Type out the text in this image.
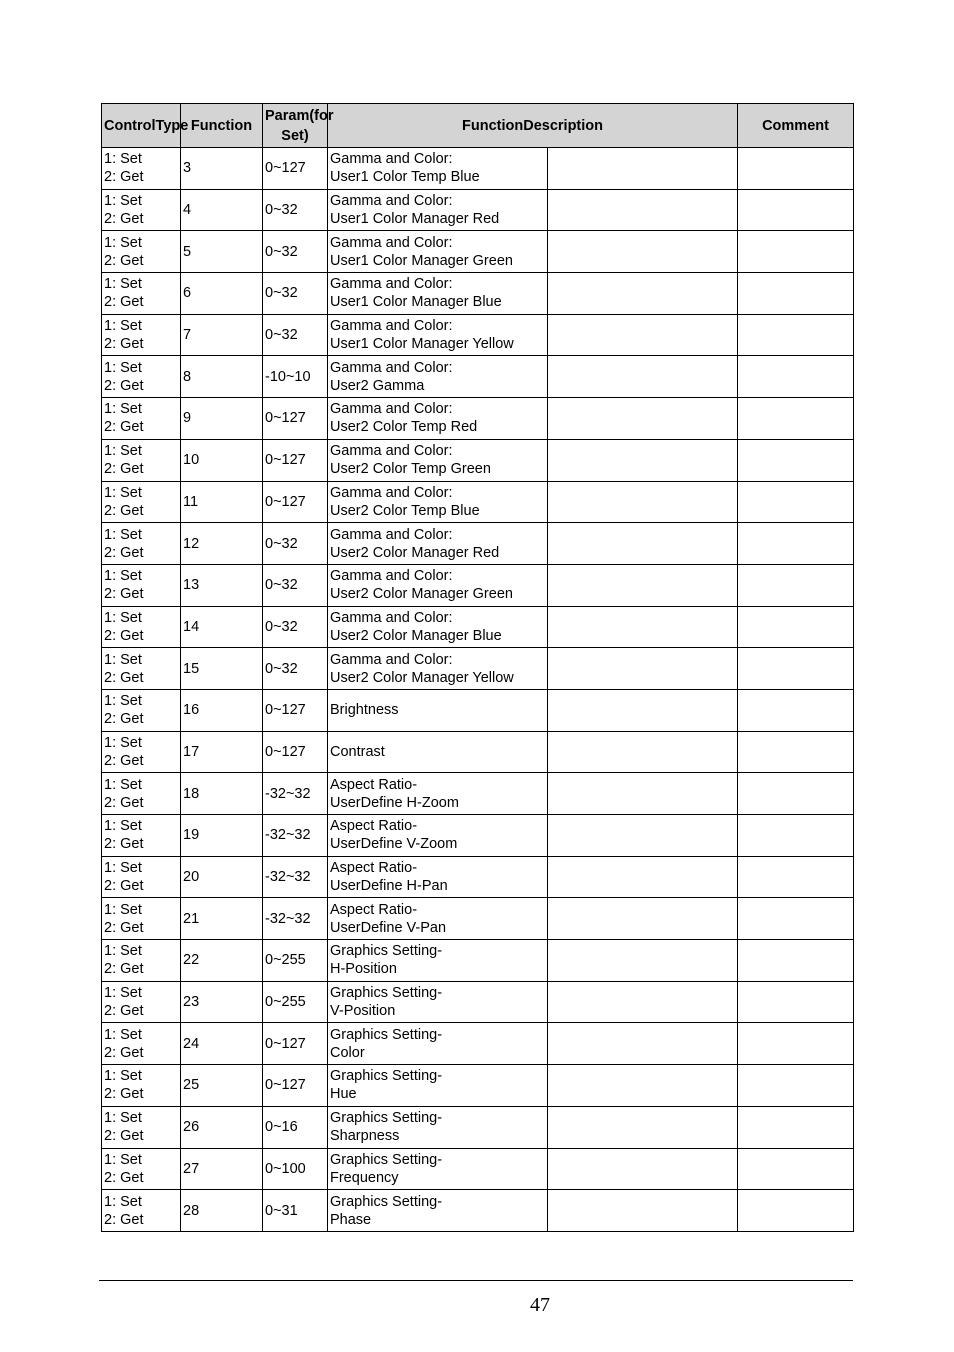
ControlType	Function	Param(for Set)	FunctionDescription		Comment

1: Set
2: Get	3	0~127	Gamma and Color:
User1 Color Temp Blue		

1: Set
2: Get	4	0~32	Gamma and Color:
User1 Color Manager Red		

1: Set
2: Get	5	0~32	Gamma and Color:
User1 Color Manager Green		

1: Set
2: Get	6	0~32	Gamma and Color:
User1 Color Manager Blue		

1: Set
2: Get	7	0~32	Gamma and Color:
User1 Color Manager Yellow		

1: Set
2: Get	8	-10~10	Gamma and Color:
User2 Gamma		

1: Set
2: Get	9	0~127	Gamma and Color:
User2 Color Temp Red		

1: Set
2: Get	10	0~127	Gamma and Color:
User2 Color Temp Green		

1: Set
2: Get	11	0~127	Gamma and Color:
User2 Color Temp Blue		

1: Set
2: Get	12	0~32	Gamma and Color:
User2 Color Manager Red		

1: Set
2: Get	13	0~32	Gamma and Color:
User2 Color Manager Green		

1: Set
2: Get	14	0~32	Gamma and Color:
User2 Color Manager Blue		

1: Set
2: Get	15	0~32	Gamma and Color:
User2 Color Manager Yellow		

1: Set
2: Get	16	0~127	Brightness		

1: Set
2: Get	17	0~127	Contrast		

1: Set
2: Get	18	-32~32	Aspect Ratio-
UserDefine H-Zoom		

1: Set
2: Get	19	-32~32	Aspect Ratio-
UserDefine V-Zoom		

1: Set
2: Get	20	-32~32	Aspect Ratio-
UserDefine H-Pan		

1: Set
2: Get	21	-32~32	Aspect Ratio-
UserDefine V-Pan		

1: Set
2: Get	22	0~255	Graphics Setting-
H-Position		

1: Set
2: Get	23	0~255	Graphics Setting-
V-Position		

1: Set
2: Get	24	0~127	Graphics Setting-
Color		

1: Set
2: Get	25	0~127	Graphics Setting-
Hue		

1: Set
2: Get	26	0~16	Graphics Setting-
Sharpness		

1: Set
2: Get	27	0~100	Graphics Setting-
Frequency		

1: Set
2: Get	28	0~31	Graphics Setting-
Phase		

47
